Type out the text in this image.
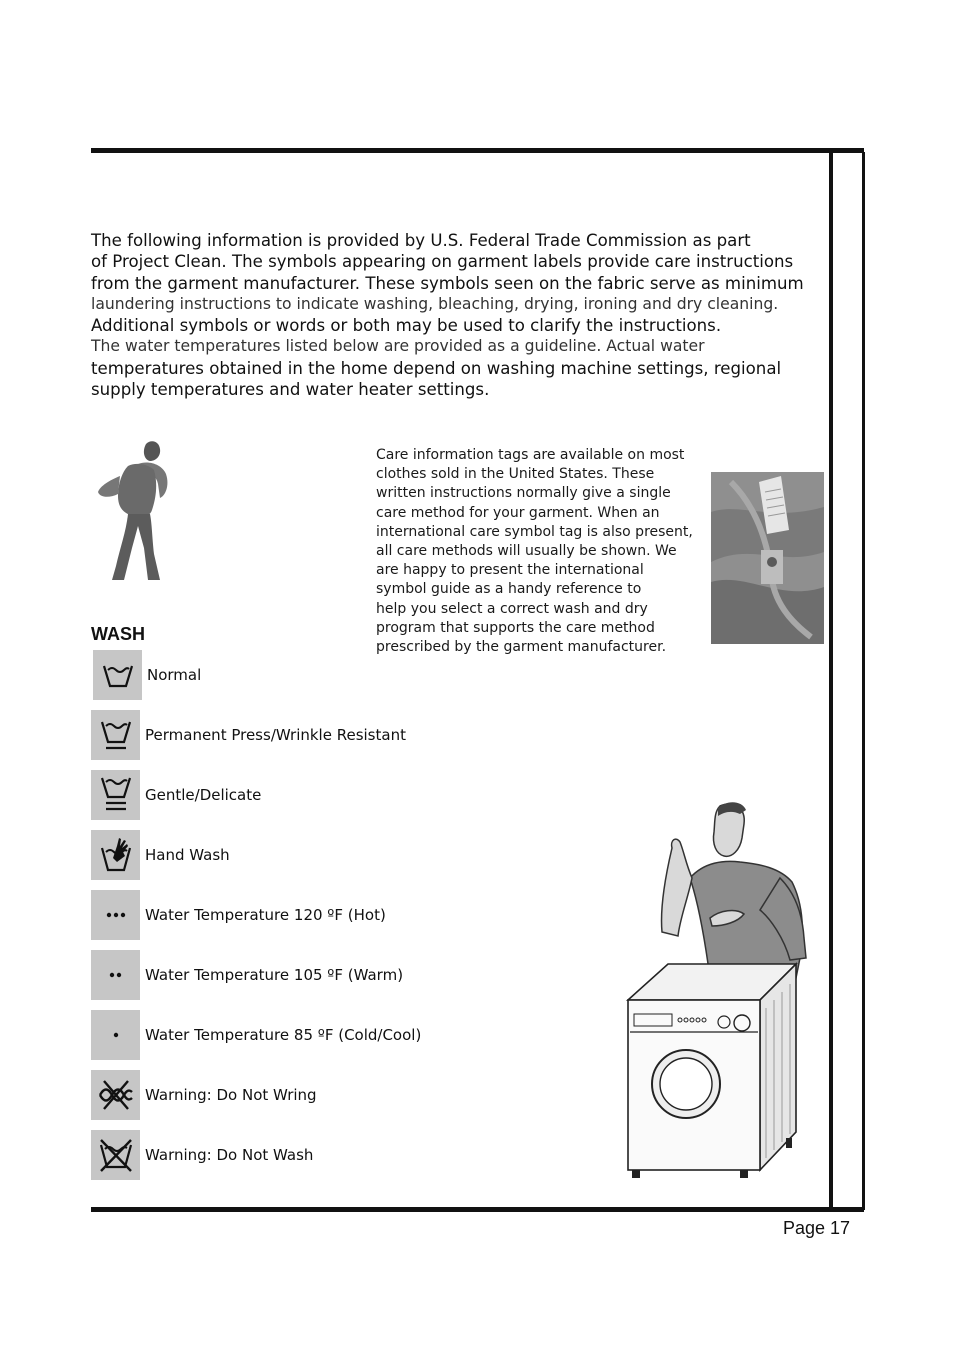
The following information is provided by U.S. Federal Trade Commission as part

of Project Clean. The symbols appearing on garment labels provide care instructions

from the garment manufacturer. These symbols seen on the fabric serve as minimum

laundering instructions to indicate washing, bleaching, drying, ironing and dry cleaning.

Additional symbols or words or both may be used to clarify the instructions.

The water temperatures listed below are provided as a guideline. Actual water

temperatures obtained in the home depend on washing machine settings, regional

supply temperatures and water heater settings.

Care information tags are available on most

clothes sold in the United States. These

written instructions normally give a single

care method for your garment. When an

international care symbol tag is also present,

all care methods will usually be shown. We

are happy to present the international

symbol guide as a handy reference to

help you select a correct wash and dry

program that supports the care method

prescribed by the garment manufacturer.

WASH
Normal
Permanent Press/Wrinkle Resistant
Gentle/Delicate
Hand Wash
Water Temperature 120 ºF (Hot)
Water Temperature 105 ºF (Warm)
Water Temperature 85 ºF (Cold/Cool)
Warning: Do Not Wring
Warning: Do Not Wash
Page 17
